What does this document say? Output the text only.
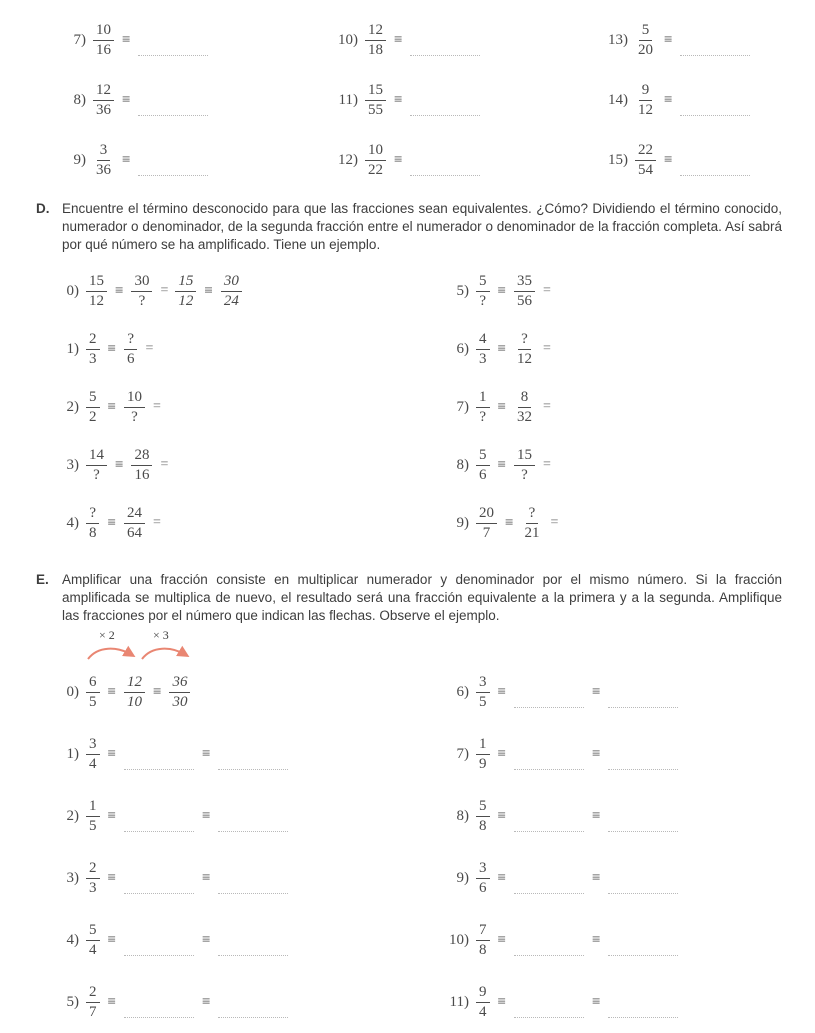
$7) \frac{10}{16}$ ≡	$10) \frac{12}{18}$ ≡	$13) \frac{5}{20}$ ≡
$8) \frac{12}{36}$ ≡	$11) \frac{15}{55}$ ≡	$14) \frac{9}{12}$ ≡
$9) \frac{3}{36}$ ≡	$12) \frac{10}{22}$ ≡	$15) \frac{22}{54}$ ≡
D. Encuentre el término desconocido para que las fracciones sean equivalentes. ¿Cómo? Dividiendo el término conocido, numerador o denominador, de la segunda fracción entre el numerador o denominador de la fracción completa. Así sabrá por qué número se ha amplificado. Tiene un ejemplo.

$0) \frac{15}{12} \equiv \frac{30}{?} = \frac{15}{12} \equiv \frac{30}{24}$	$5) \frac{5}{?} \equiv \frac{35}{56}$ =
$1) \frac{2}{3} \equiv \frac{?}{6}$ =	$6) \frac{4}{3} \equiv \frac{?}{12}$ =
$2) \frac{5}{2} \equiv \frac{10}{?}$ =	$7) \frac{1}{?} \equiv \frac{8}{32}$ =
$3) \frac{14}{?} \equiv \frac{28}{16}$ =	$8) \frac{5}{6} \equiv \frac{15}{?}$ =
$4) \frac{?}{8} \equiv \frac{24}{64}$ =	$9) \frac{20}{7} \equiv \frac{?}{21}$ =
E. Amplificar una fracción consiste en multiplicar numerador y denominador por el mismo número. Si la fracción amplificada se multiplica de nuevo, el resultado será una fracción equivalente a la primera y a la segunda. Amplifique las fracciones por el número que indican las flechas. Observe el ejemplo.

× 2	× 3
$0) \frac{6}{5} \equiv \frac{12}{10} \equiv \frac{36}{30}$	$6) \frac{3}{5}$ ≡	≡
$1) \frac{3}{4}$ ≡	≡	$7) \frac{1}{9}$ ≡	≡
$2) \frac{1}{5}$ ≡	≡	$8) \frac{5}{8}$ ≡	≡
$3) \frac{2}{3}$ ≡	≡	$9) \frac{3}{6}$ ≡	≡
$4) \frac{5}{4}$ ≡	≡	$10) \frac{7}{8}$ ≡	≡
$5) \frac{2}{7}$ ≡	≡	$11) \frac{9}{4}$ ≡	≡
